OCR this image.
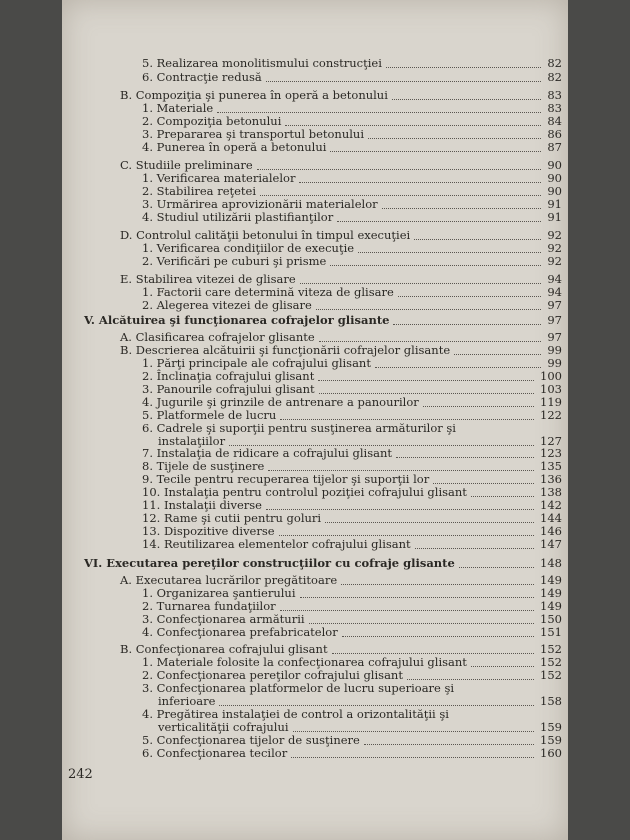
5. Realizarea monolitismului construcţiei	82
6. Contracţie redusă	82
B. Compoziţia şi punerea în operă a betonului	83
1. Materiale	83
2. Compoziţia betonului	84
3. Prepararea şi transportul betonului	86
4. Punerea în operă a betonului	87
C. Studiile preliminare	90
1. Verificarea materialelor	90
2. Stabilirea reţetei	90
3. Urmărirea aprovizionării materialelor	91
4. Studiul utilizării plastifianţilor	91
D. Controlul calităţii betonului în timpul execuţiei	92
1. Verificarea condiţiilor de execuţie	92
2. Verificări pe cuburi şi prisme	92
E. Stabilirea vitezei de glisare	94
1. Factorii care determină viteza de glisare	94
2. Alegerea vitezei de glisare	97
V. Alcătuirea şi funcţionarea cofrajelor glisante	97
A. Clasificarea cofrajelor glisante	97
B. Descrierea alcătuirii şi funcţionării cofrajelor glisante	99
1. Părţi principale ale cofrajului glisant	99
2. Înclinaţia cofrajului glisant	100
3. Panourile cofrajului glisant	103
4. Jugurile şi grinzile de antrenare a panourilor	119
5. Platformele de lucru	122
6. Cadrele şi suporţii pentru susţinerea armăturilor şi
instalaţiilor	127
7. Instalaţia de ridicare a cofrajului glisant	123
8. Tijele de susţinere	135
9. Tecile pentru recuperarea tijelor şi suporţii lor	136
10. Instalaţia pentru controlul poziţiei cofrajului glisant	138
11. Instalaţii diverse	142
12. Rame şi cutii pentru goluri	144
13. Dispozitive diverse	146
14. Reutilizarea elementelor cofrajului glisant	147
VI. Executarea pereţilor construcţiilor cu cofraje glisante	148
A. Executarea lucrărilor pregătitoare	149
1. Organizarea şantierului	149
2. Turnarea fundaţiilor	149
3. Confecţionarea armăturii	150
4. Confecţionarea prefabricatelor	151
B. Confecţionarea cofrajului glisant	152
1. Materiale folosite la confecţionarea cofrajului glisant	152
2. Confecţionarea pereţilor cofrajului glisant	152
3. Confecţionarea platformelor de lucru superioare şi
inferioare	158
4. Pregătirea instalaţiei de control a orizontalităţii şi
verticalităţii cofrajului	159
5. Confecţionarea tijelor de susţinere	159
6. Confecţionarea tecilor	160
242
